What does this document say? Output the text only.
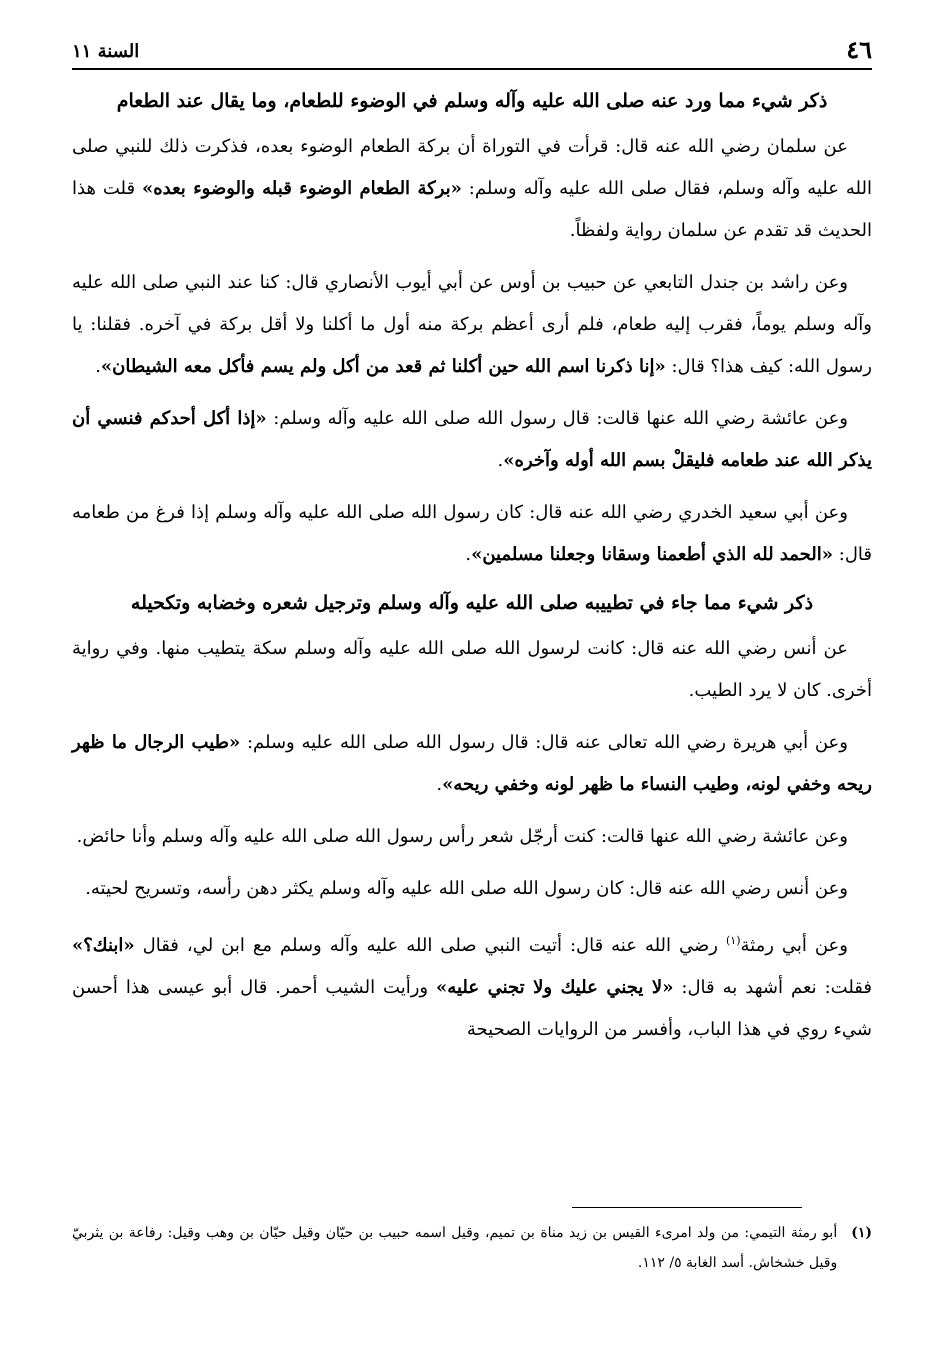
٤٦
السنة ١١
ذكر شيء مما ورد عنه صلى الله عليه وآله وسلم في الوضوء للطعام، وما يقال عند الطعام

عن سلمان رضي الله عنه قال: قرأت في التوراة أن بركة الطعام الوضوء بعده، فذكرت ذلك للنبي صلى الله عليه وآله وسلم، فقال صلى الله عليه وآله وسلم: «بركة الطعام الوضوء قبله والوضوء بعده» قلت هذا الحديث قد تقدم عن سلمان رواية ولفظاً.

وعن راشد بن جندل التابعي عن حبيب بن أوس عن أبي أيوب الأنصاري قال: كنا عند النبي صلى الله عليه وآله وسلم يوماً، فقرب إليه طعام، فلم أرى أعظم بركة منه أول ما أكلنا ولا أقل بركة في آخره. فقلنا: يا رسول الله: كيف هذا؟ قال: «إنا ذكرنا اسم الله حين أكلنا ثم قعد من أكل ولم يسم فأكل معه الشيطان».

وعن عائشة رضي الله عنها قالت: قال رسول الله صلى الله عليه وآله وسلم: «إذا أكل أحدكم فنسي أن يذكر الله عند طعامه فليقلْ بسم الله أوله وآخره».

وعن أبي سعيد الخدري رضي الله عنه قال: كان رسول الله صلى الله عليه وآله وسلم إذا فرغ من طعامه قال: «الحمد لله الذي أطعمنا وسقانا وجعلنا مسلمين».

ذكر شيء مما جاء في تطييبه صلى الله عليه وآله وسلم وترجيل شعره وخضابه وتكحيله

عن أنس رضي الله عنه قال: كانت لرسول الله صلى الله عليه وآله وسلم سكة يتطيب منها. وفي رواية أخرى. كان لا يرد الطيب.

وعن أبي هريرة رضي الله تعالى عنه قال: قال رسول الله صلى الله عليه وسلم: «طيب الرجال ما ظهر ريحه وخفي لونه، وطيب النساء ما ظهر لونه وخفي ريحه».

وعن عائشة رضي الله عنها قالت: كنت أرجّل شعر رأس رسول الله صلى الله عليه وآله وسلم وأنا حائض.

وعن أنس رضي الله عنه قال: كان رسول الله صلى الله عليه وآله وسلم يكثر دهن رأسه، وتسريح لحيته.

وعن أبي رمثة$^{(١)}$ رضي الله عنه قال: أتيت النبي صلى الله عليه وآله وسلم مع ابن لي، فقال «ابنك؟» فقلت: نعم أشهد به قال: «لا يجني عليك ولا تجني عليه» ورأيت الشيب أحمر. قال أبو عيسى هذا أحسن شيء روي في هذا الباب، وأفسر من الروايات الصحيحة

(١)
أبو رمثة التيمي: من ولد امرىء القيس بن زيد مناة بن تميم، وقيل اسمه حبيب بن حيّان وقيل حيّان بن وهب وقيل: رفاعة بن يثربيّ وقيل خشخاش. أسد الغابة ٥/ ١١٢.
